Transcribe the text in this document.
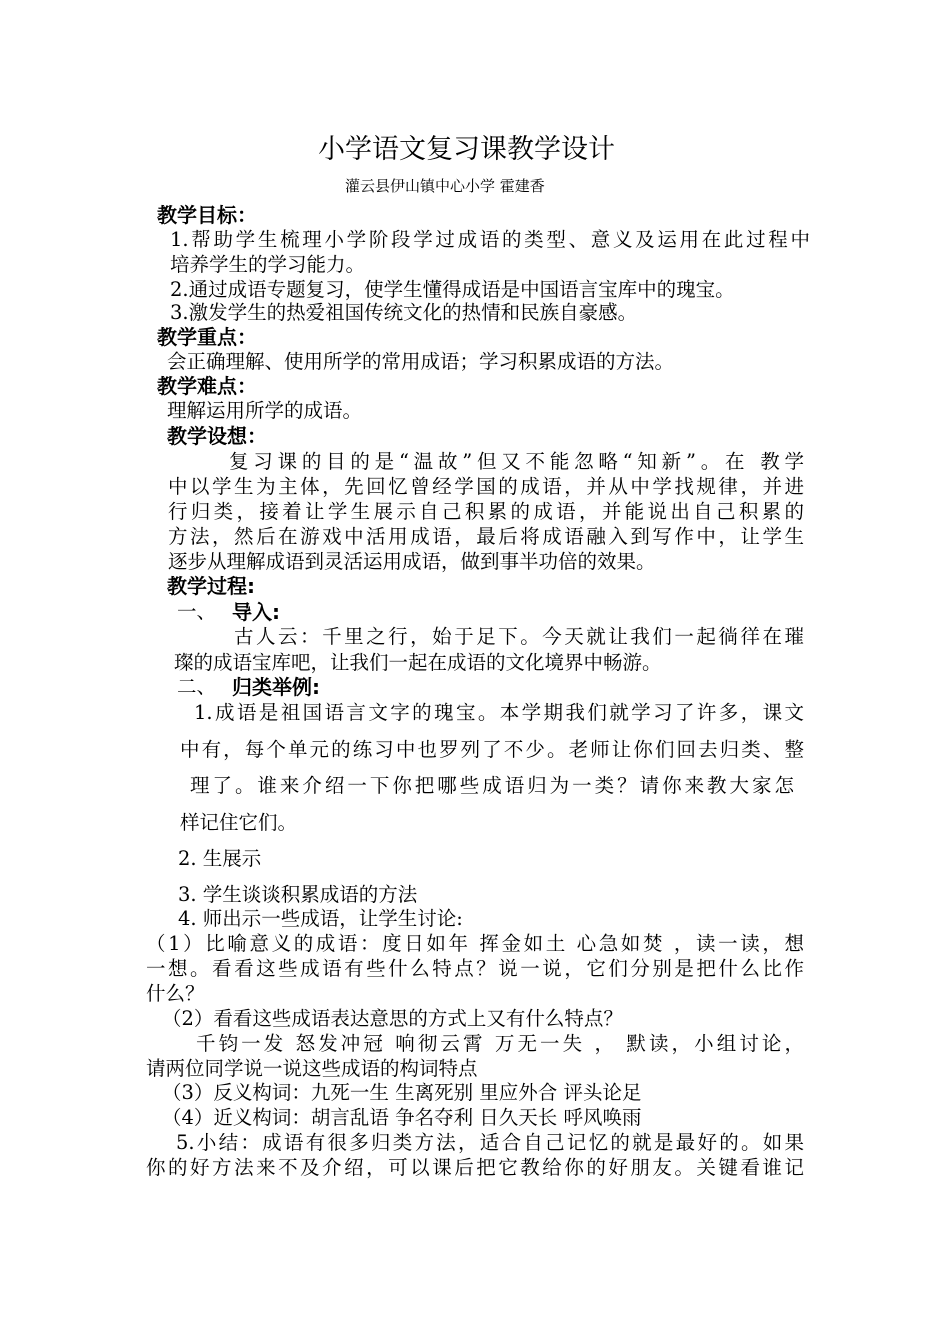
小学语文复习课教学设计
灌云县伊山镇中心小学 霍建香
教学目标：
1.帮助学生梳理小学阶段学过成语的类型、意义及运用在此过程中
培养学生的学习能力。
2.通过成语专题复习，使学生懂得成语是中国语言宝库中的瑰宝。
3.激发学生的热爱祖国传统文化的热情和民族自豪感。
教学重点：
会正确理解、使用所学的常用成语；学习积累成语的方法。
教学难点：
理解运用所学的成语。
教学设想：
复习课的目的是“温故”但又不能忽略“知新”。在 教学
中以学生为主体，先回忆曾经学国的成语，并从中学找规律，并进
行归类，接着让学生展示自己积累的成语，并能说出自己积累的
方法，然后在游戏中活用成语，最后将成语融入到写作中，让学生
逐步从理解成语到灵活运用成语，做到事半功倍的效果。
教学过程:
一、 导入:
古人云：千里之行，始于足下。今天就让我们一起徜徉在璀
璨的成语宝库吧，让我们一起在成语的文化境界中畅游。
二、 归类举例:
1.成语是祖国语言文字的瑰宝。本学期我们就学习了许多，课文
中有，每个单元的练习中也罗列了不少。老师让你们回去归类、整
理了。谁来介绍一下你把哪些成语归为一类？请你来教大家怎
样记住它们。
2. 生展示
3. 学生谈谈积累成语的方法
4. 师出示一些成语，让学生讨论:
（1）比喻意义的成语：度日如年 挥金如土 心急如焚 ，读一读，想
一想。看看这些成语有些什么特点？说一说，它们分别是把什么比作
什么？
（2）看看这些成语表达意思的方式上又有什么特点？
千钧一发 怒发冲冠 响彻云霄 万无一失 ， 默读，小组讨论，
请两位同学说一说这些成语的构词特点
（3）反义构词：九死一生 生离死别 里应外合 评头论足
（4）近义构词：胡言乱语 争名夺利 日久天长 呼风唤雨
5.小结：成语有很多归类方法，适合自己记忆的就是最好的。如果
你的好方法来不及介绍，可以课后把它教给你的好朋友。关键看谁记
